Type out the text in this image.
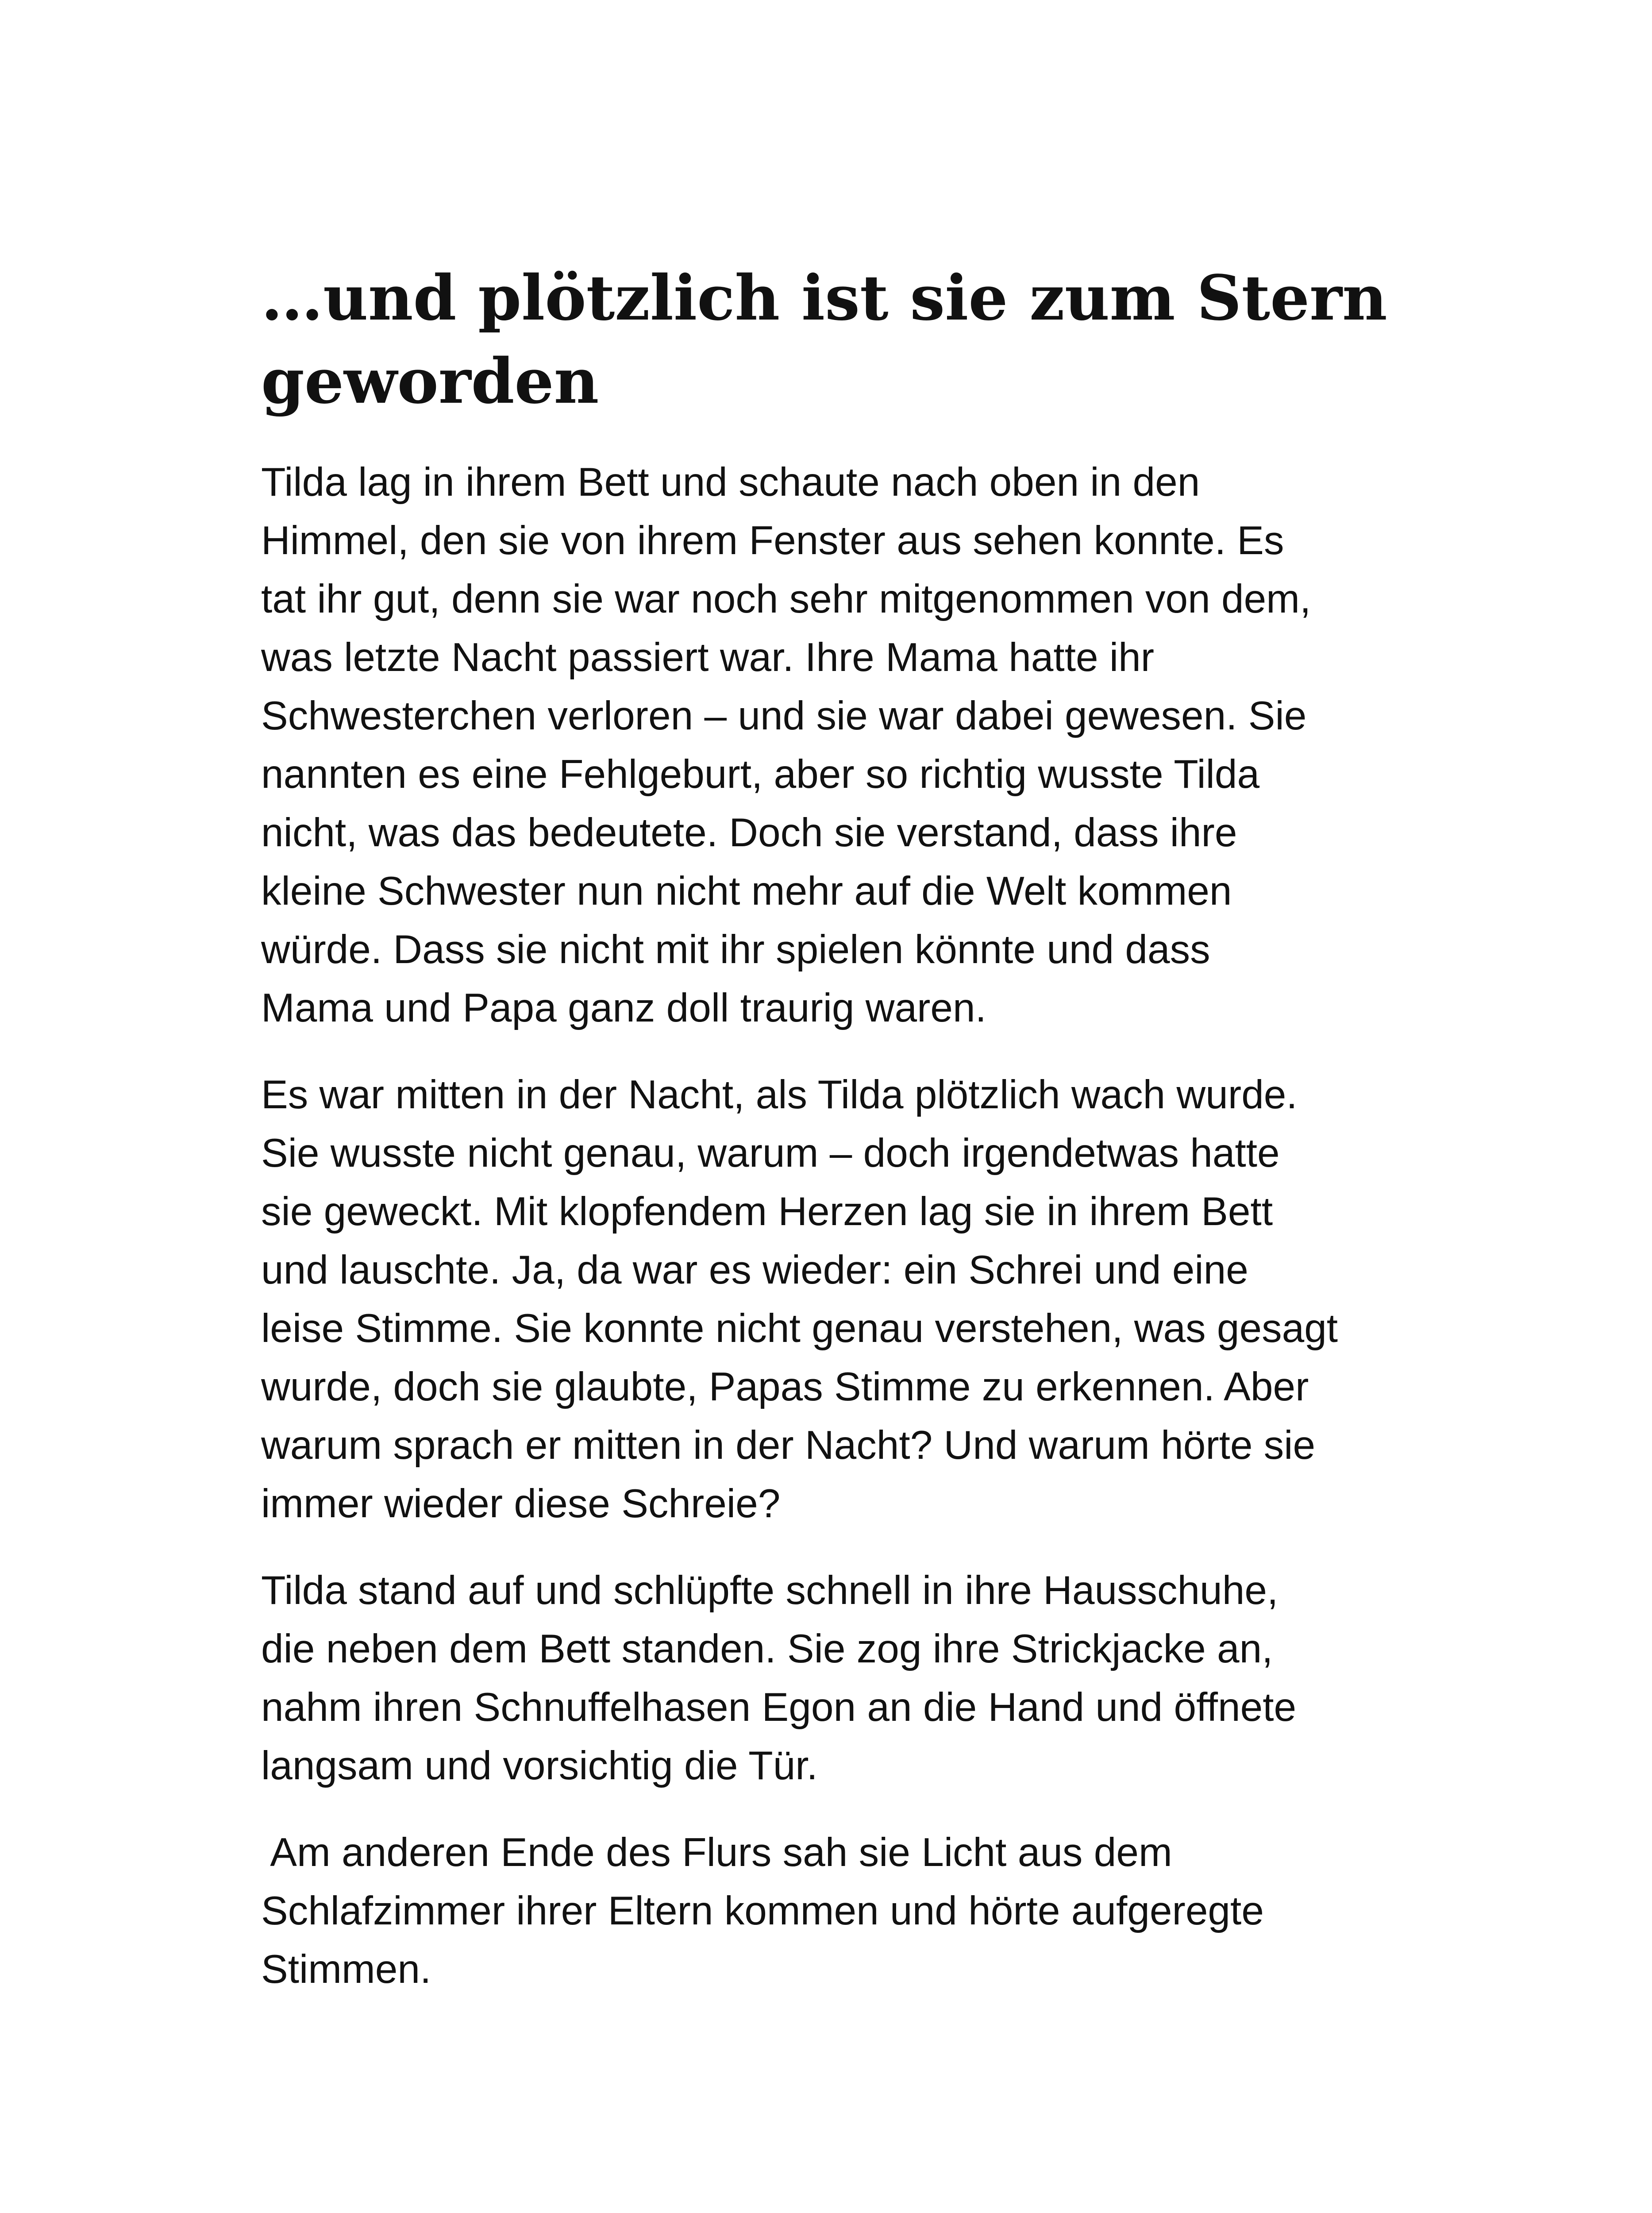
…und plötzlich ist sie zum Stern
geworden

Tilda lag in ihrem Bett und schaute nach oben in den
Himmel, den sie von ihrem Fenster aus sehen konnte. Es
tat ihr gut, denn sie war noch sehr mitgenommen von dem,
was letzte Nacht passiert war. Ihre Mama hatte ihr
Schwesterchen verloren – und sie war dabei gewesen. Sie
nannten es eine Fehlgeburt, aber so richtig wusste Tilda
nicht, was das bedeutete. Doch sie verstand, dass ihre
kleine Schwester nun nicht mehr auf die Welt kommen
würde. Dass sie nicht mit ihr spielen könnte und dass
Mama und Papa ganz doll traurig waren.

Es war mitten in der Nacht, als Tilda plötzlich wach wurde.
Sie wusste nicht genau, warum – doch irgendetwas hatte
sie geweckt. Mit klopfendem Herzen lag sie in ihrem Bett
und lauschte. Ja, da war es wieder: ein Schrei und eine
leise Stimme. Sie konnte nicht genau verstehen, was gesagt
wurde, doch sie glaubte, Papas Stimme zu erkennen. Aber
warum sprach er mitten in der Nacht? Und warum hörte sie
immer wieder diese Schreie?

Tilda stand auf und schlüpfte schnell in ihre Hausschuhe,
die neben dem Bett standen. Sie zog ihre Strickjacke an,
nahm ihren Schnuffelhasen Egon an die Hand und öffnete
langsam und vorsichtig die Tür.

Am anderen Ende des Flurs sah sie Licht aus dem
Schlafzimmer ihrer Eltern kommen und hörte aufgeregte
Stimmen.
